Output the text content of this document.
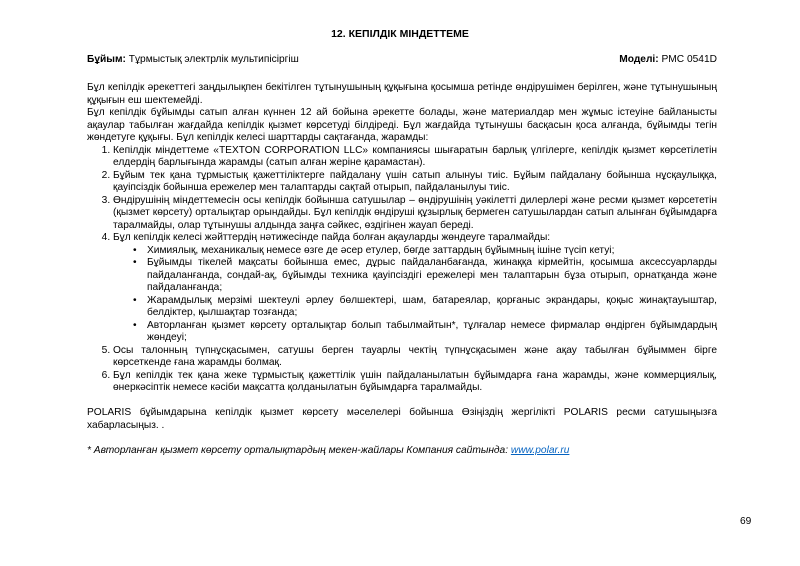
12. КЕПІЛДІК МІНДЕТТЕМЕ
Бұйым: Тұрмыстық электрлік мультипісіргіш	Моделі: PMC 0541D

Бұл кепілдік әрекеттегі заңдылықпен бекітілген тұтынушының құқығына қосымша ретінде өндірушімен берілген, және тұтынушының құқығын еш шектемейді.

Бұл кепілдік бұйымды сатып алған күннен 12 ай бойына әрекетте болады, және материалдар мен жұмыс істеуіне байланысты ақаулар табылған жағдайда кепілдік қызмет көрсетуді білдіреді. Бұл жағдайда тұтынушы басқасын қоса алғанда, бұйымды тегін жөндетуге құқығы. Бұл кепілдік келесі шарттарды сақтағанда, жарамды:

1. Кепілдік міндеттеме «TEXTON CORPORATION LLC» компаниясы шығаратын барлық үлгілерге, кепілдік қызмет көрсетілетін елдердің барлығында жарамды (сатып алған жеріне қарамастан).
2. Бұйым тек қана тұрмыстық қажеттіліктерге пайдалану үшін сатып алынуы тиіс. Бұйым пайдалану бойынша нұсқаулыққа, қауіпсіздік бойынша ережелер мен талаптарды сақтай отырып, пайдаланылуы тиіс.
3. Өндірушінің міндеттемесін осы кепілдік бойынша сатушылар – өндірушінің уәкілетті дилерлері және ресми қызмет көрсететін (қызмет көрсету) орталықтар орындайды. Бұл кепілдік өндіруші құзырлық бермеген сатушылардан сатып алынған бұйымдарға таралмайды, олар тұтынушы алдында заңға сәйкес, өздігінен жауап береді.
4. Бұл кепілдік келесі жәйттердің нәтижесінде пайда болған ақауларды жөндеуге таралмайды:
• Химиялық, механикалық немесе өзге де әсер етулер, бөгде заттардың бұйымның ішіне түсіп кетуі;
• Бұйымды тікелей мақсаты бойынша емес, дұрыс пайдаланбағанда, жинаққа кірмейтін, қосымша аксессуарларды пайдаланғанда, сондай-ақ, бұйымды техника қауіпсіздігі ережелері мен талаптарын бұза отырып, орнатқанда және пайдаланғанда;
• Жарамдылық мерзімі шектеулі әрлеу бөлшектері, шам, батареялар, қорғаныс экрандары, қоқыс жинақтауыштар, белдіктер, қылшақтар тозғанда;
• Авторланған қызмет көрсету орталықтар болып табылмайтын*, тұлғалар немесе фирмалар өндірген бұйымдардың жөндеуі;
5. Осы талонның түпнұсқасымен, сатушы берген тауарлы чектің түпнұсқасымен және ақау табылған бұйыммен бірге көрсеткенде ғана жарамды болмақ.
6. Бұл кепілдік тек қана жеке тұрмыстық қажеттілік үшін пайдаланылатын бұйымдарға ғана жарамды, және коммерциялық, өнеркәсіптік немесе кәсіби мақсатта қолданылатын бұйымдарға таралмайды.

POLARIS бұйымдарына кепілдік қызмет көрсету мәселелері бойынша Өзіңіздің жергілікті POLARIS ресми сатушыңызға хабарласыңыз. .

* Авторланған қызмет көрсету орталықтардың мекен-жайлары Компания сайтында: www.polar.ru

69
